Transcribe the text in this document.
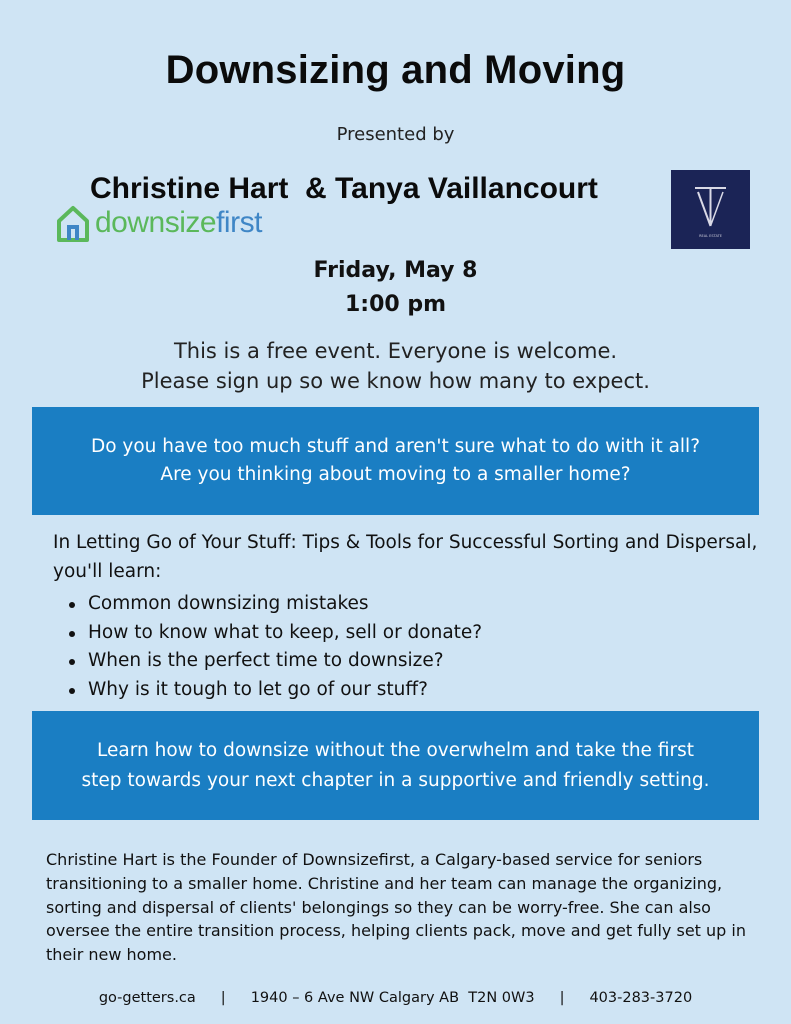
Downsizing and Moving
Presented by
Christine Hart  & Tanya Vaillancourt
downsizefirst	REAL ESTATE
Friday, May 8
1:00 pm
This is a free event. Everyone is welcome.
Please sign up so we know how many to expect.
Do you have too much stuff and aren't sure what to do with it all?
Are you thinking about moving to a smaller home?
In Letting Go of Your Stuff: Tips & Tools for Successful Sorting and Dispersal, you'll learn:
Common downsizing mistakes
How to know what to keep, sell or donate?
When is the perfect time to downsize?
Why is it tough to let go of our stuff?
Learn how to downsize without the overwhelm and take the first
step towards your next chapter in a supportive and friendly setting.
Christine Hart is the Founder of Downsizefirst, a Calgary-based service for seniors transitioning to a smaller home. Christine and her team can manage the organizing, sorting and dispersal of clients' belongings so they can be worry-free. She can also oversee the entire transition process, helping clients pack, move and get fully set up in their new home.
go-getters.ca | 1940 – 6 Ave NW Calgary AB  T2N 0W3 | 403-283-3720
